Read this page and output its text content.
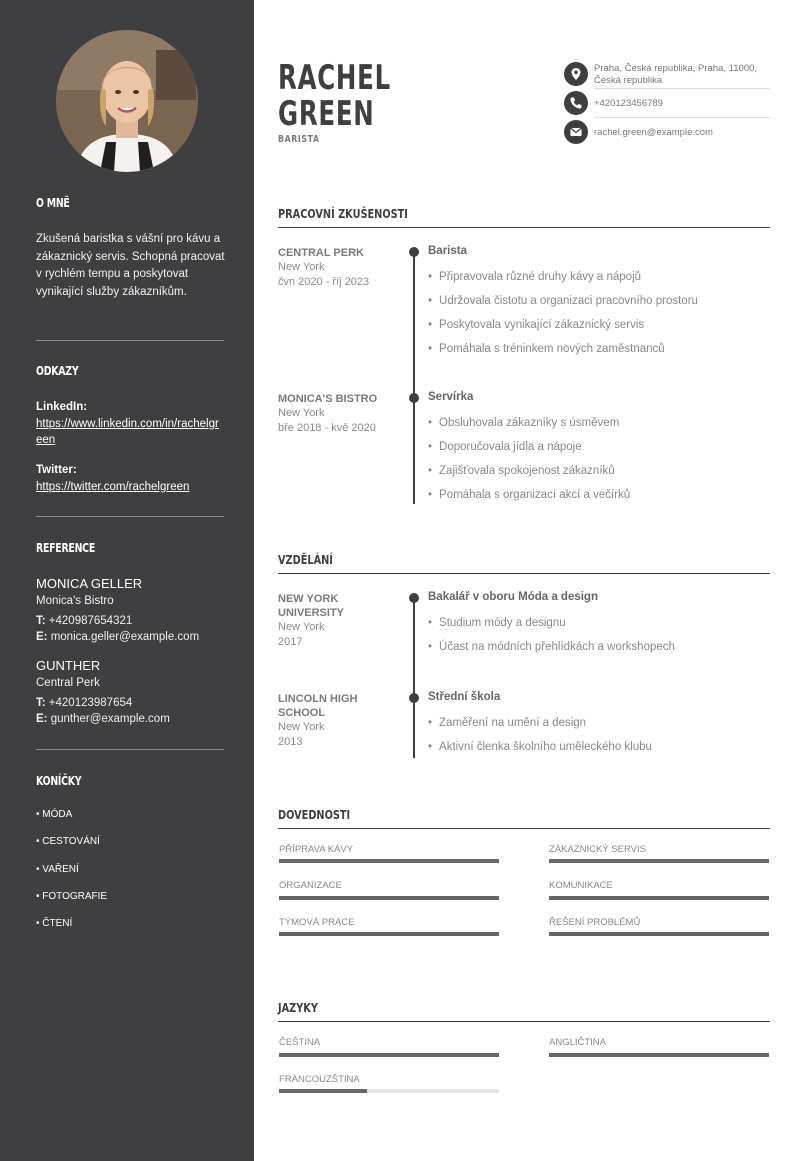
O MNĚ
Zkušená baristka s vášní pro kávu a zákaznický servis. Schopná pracovat v rychlém tempu a poskytovat vynikající služby zákazníkům.
ODKAZY
LinkedIn:
https://www.linkedin.com/in/rachelgreen
Twitter:
https://twitter.com/rachelgreen
REFERENCE
MONICA GELLER
Monica's Bistro
T: +420987654321
E: monica.geller@example.com
GUNTHER
Central Perk
T: +420123987654
E: gunther@example.com
KONÍČKY
• MÓDA
• CESTOVÁNÍ
• VAŘENÍ
• FOTOGRAFIE
• ČTENÍ
RACHEL
GREEN
BARISTA
Praha, Česká republika, Praha, 11000, Česká republika
+420123456789
rachel.green@example.com
PRACOVNÍ ZKUŠENOSTI
CENTRAL PERK
New York
čvn 2020 - říj 2023
Barista
• Připravovala různé druhy kávy a nápojů
• Udržovala čistotu a organizaci pracovního prostoru
• Poskytovala vynikající zákaznický servis
• Pomáhala s tréninkem nových zaměstnanců
MONICA'S BISTRO
New York
bře 2018 - kvě 2020
Servírka
• Obsluhovala zákazníky s úsměvem
• Doporučovala jídla a nápoje
• Zajišťovala spokojenost zákazníků
• Pomáhala s organizací akcí a večírků
VZDĚLÁNÍ
NEW YORK UNIVERSITY
New York
2017
Bakalář v oboru Móda a design
• Studium módy a designu
• Účast na módních přehlídkách a workshopech
LINCOLN HIGH SCHOOL
New York
2013
Střední škola
• Zaměření na umění a design
• Aktivní členka školního uměleckého klubu
DOVEDNOSTI
PŘÍPRAVA KÁVY	ZÁKAZNICKÝ SERVIS
ORGANIZACE	KOMUNIKACE
TÝMOVÁ PRÁCE	ŘEŠENÍ PROBLÉMŮ
JAZYKY
ČEŠTINA	ANGLIČTINA
FRANCOUZŠTINA
